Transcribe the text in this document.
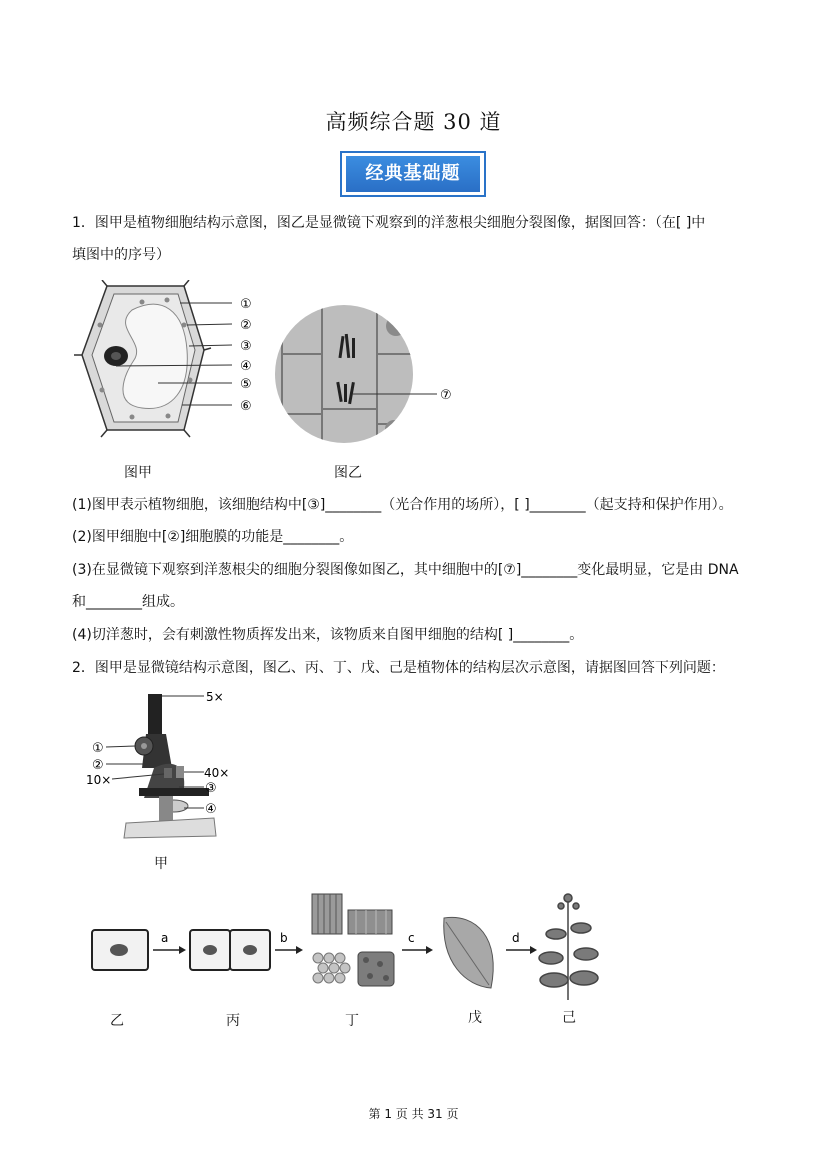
高频综合题 30 道
经典基础题
1．图甲是植物细胞结构示意图，图乙是显微镜下观察到的洋葱根尖细胞分裂图像，据图回答：（在[ ]中
填图中的序号）
①
②
③
④
⑤
⑥
图甲
⑦
图乙
(1)图甲表示植物细胞，该细胞结构中[③]________（光合作用的场所），[ ]________（起支持和保护作用）。
(2)图甲细胞中[②]细胞膜的功能是________。
(3)在显微镜下观察到洋葱根尖的细胞分裂图像如图乙，其中细胞中的[⑦]________变化最明显，它是由 DNA
和________组成。
(4)切洋葱时，会有刺激性物质挥发出来，该物质来自图甲细胞的结构[ ]________。
2．图甲是显微镜结构示意图，图乙、丙、丁、戊、己是植物体的结构层次示意图，请据图回答下列问题：
5×
①
②
10×	40×
③
④
甲
a	b	c	d
乙	丙	丁	戊	己
第 1 页 共 31 页
